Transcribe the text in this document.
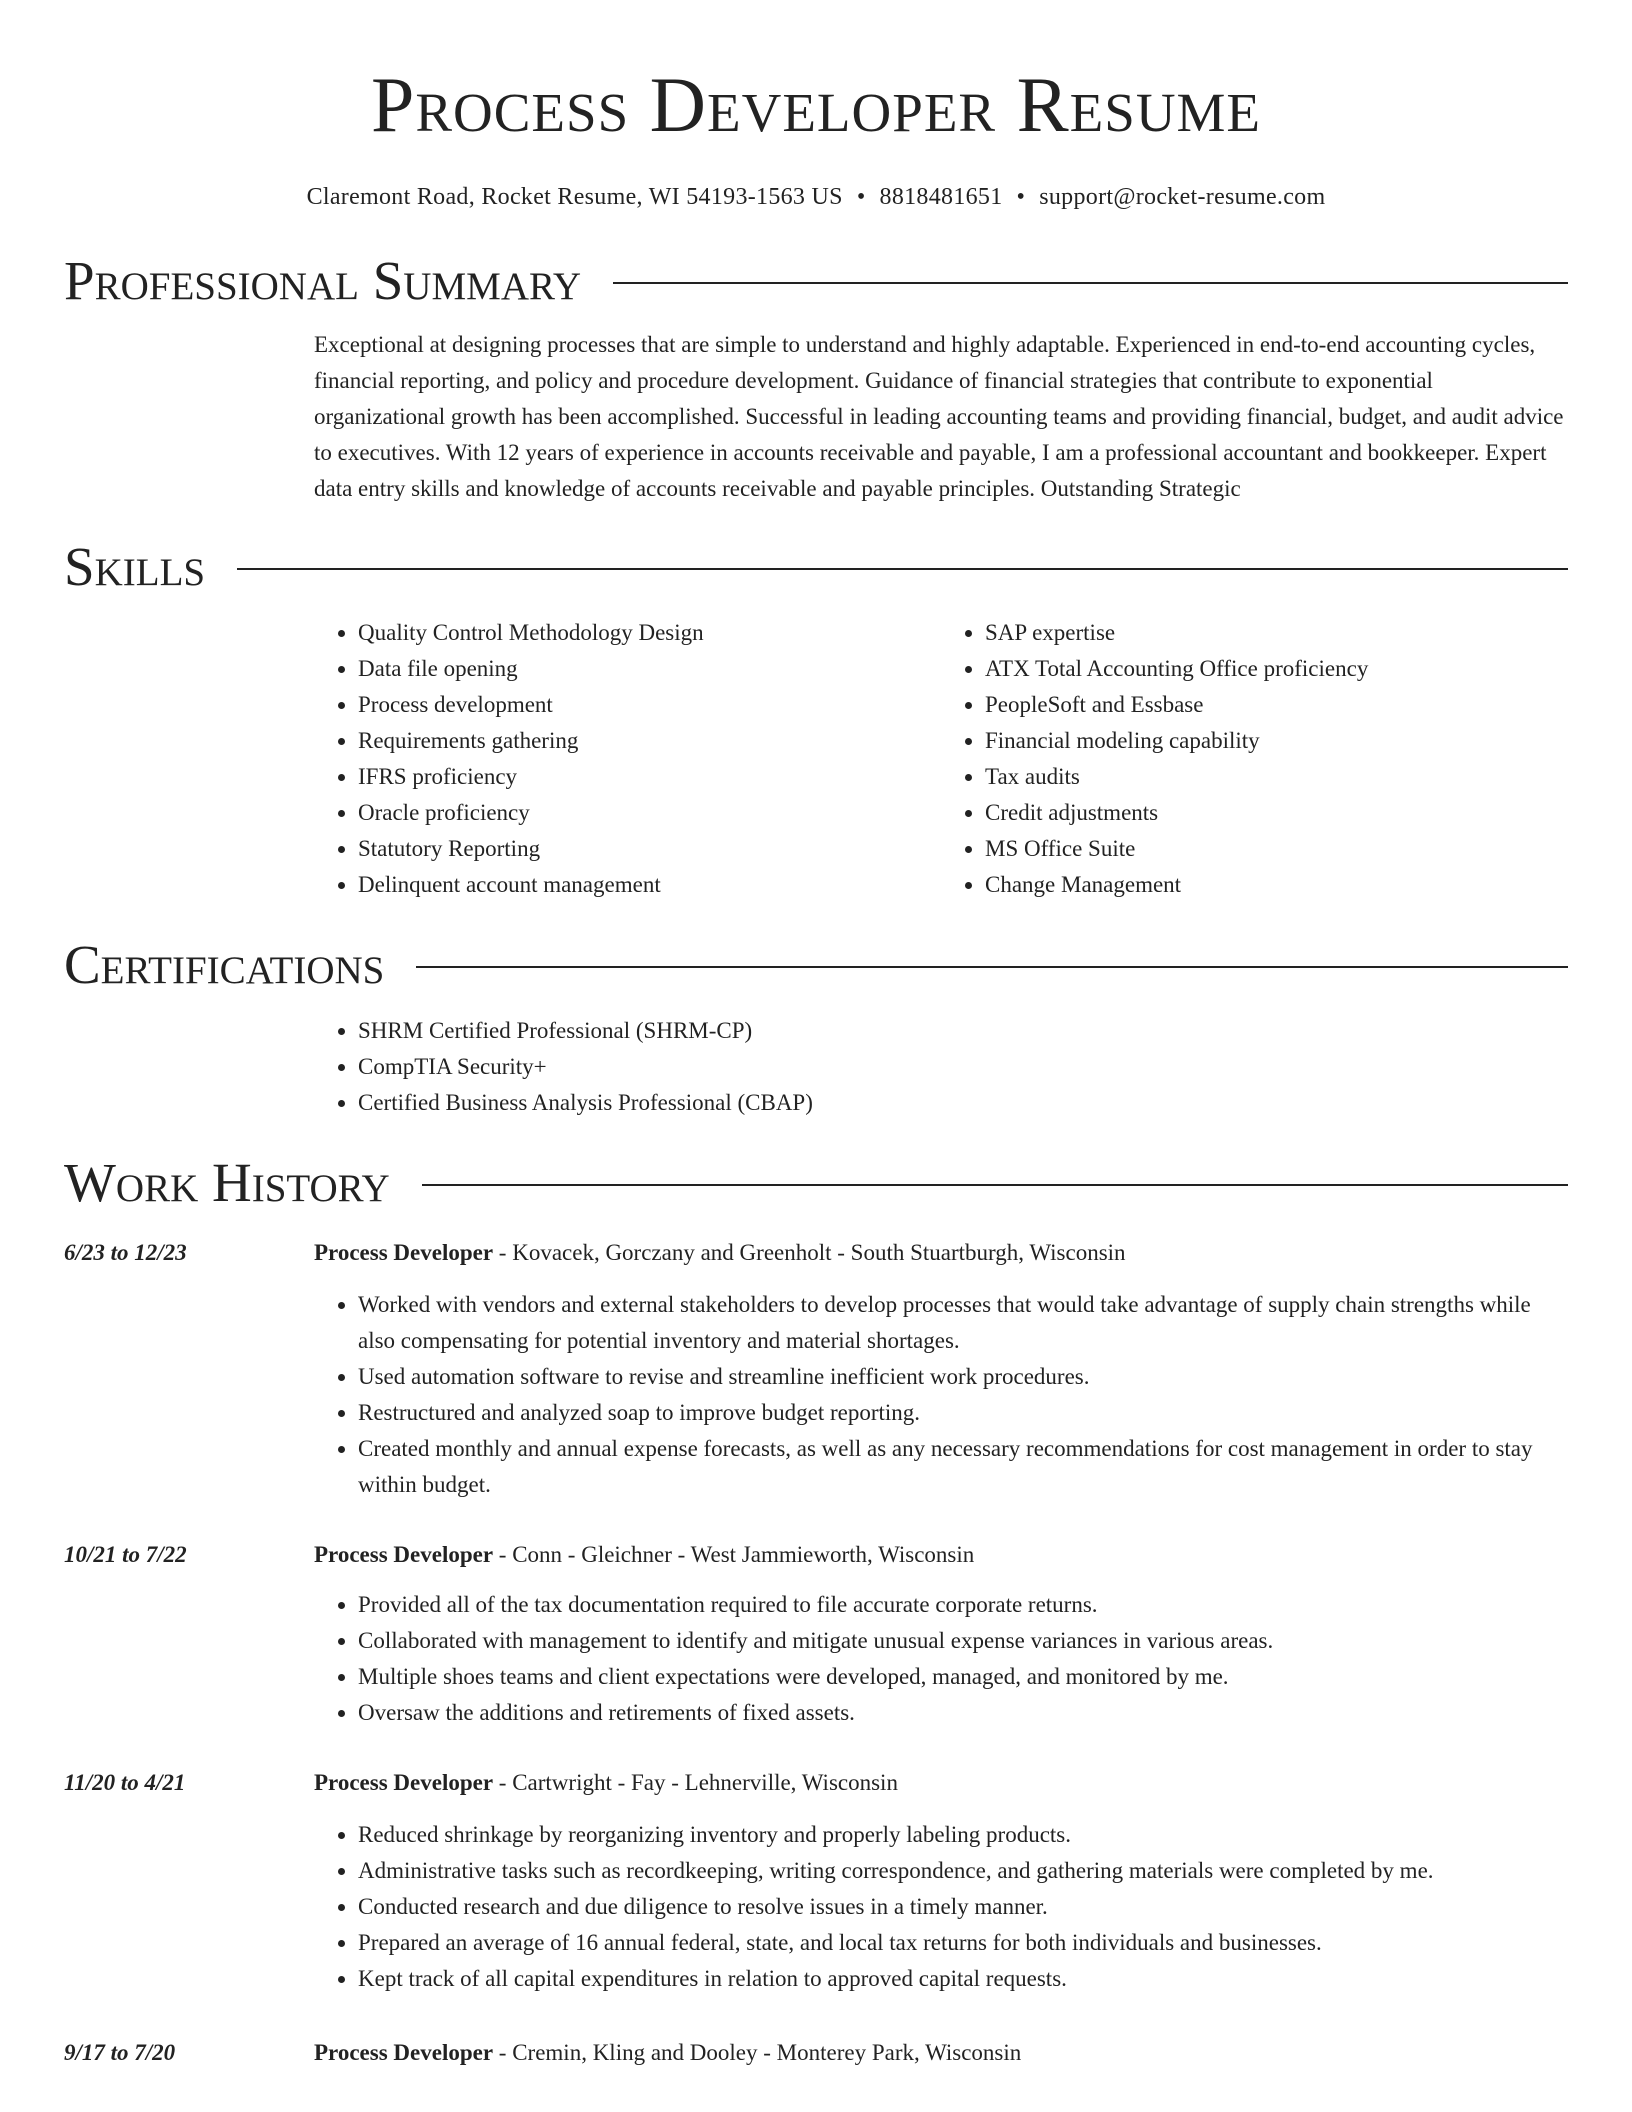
Process Developer Resume
Claremont Road, Rocket Resume, WI 54193-1563 US • 8818481651 • support@rocket-resume.com
Professional Summary
Exceptional at designing processes that are simple to understand and highly adaptable. Experienced in end-to-end accounting cycles, financial reporting, and policy and procedure development. Guidance of financial strategies that contribute to exponential organizational growth has been accomplished. Successful in leading accounting teams and providing financial, budget, and audit advice to executives. With 12 years of experience in accounts receivable and payable, I am a professional accountant and bookkeeper. Expert data entry skills and knowledge of accounts receivable and payable principles. Outstanding Strategic
Skills
• Quality Control Methodology Design
• Data file opening
• Process development
• Requirements gathering
• IFRS proficiency
• Oracle proficiency
• Statutory Reporting
• Delinquent account management
• SAP expertise
• ATX Total Accounting Office proficiency
• PeopleSoft and Essbase
• Financial modeling capability
• Tax audits
• Credit adjustments
• MS Office Suite
• Change Management
Certifications
• SHRM Certified Professional (SHRM-CP)
• CompTIA Security+
• Certified Business Analysis Professional (CBAP)
Work History
6/23 to 12/23	Process Developer - Kovacek, Gorczany and Greenholt - South Stuartburgh, Wisconsin
• Worked with vendors and external stakeholders to develop processes that would take advantage of supply chain strengths while also compensating for potential inventory and material shortages.
• Used automation software to revise and streamline inefficient work procedures.
• Restructured and analyzed soap to improve budget reporting.
• Created monthly and annual expense forecasts, as well as any necessary recommendations for cost management in order to stay within budget.
10/21 to 7/22	Process Developer - Conn - Gleichner - West Jammieworth, Wisconsin
• Provided all of the tax documentation required to file accurate corporate returns.
• Collaborated with management to identify and mitigate unusual expense variances in various areas.
• Multiple shoes teams and client expectations were developed, managed, and monitored by me.
• Oversaw the additions and retirements of fixed assets.
11/20 to 4/21	Process Developer - Cartwright - Fay - Lehnerville, Wisconsin
• Reduced shrinkage by reorganizing inventory and properly labeling products.
• Administrative tasks such as recordkeeping, writing correspondence, and gathering materials were completed by me.
• Conducted research and due diligence to resolve issues in a timely manner.
• Prepared an average of 16 annual federal, state, and local tax returns for both individuals and businesses.
• Kept track of all capital expenditures in relation to approved capital requests.
9/17 to 7/20	Process Developer - Cremin, Kling and Dooley - Monterey Park, Wisconsin
